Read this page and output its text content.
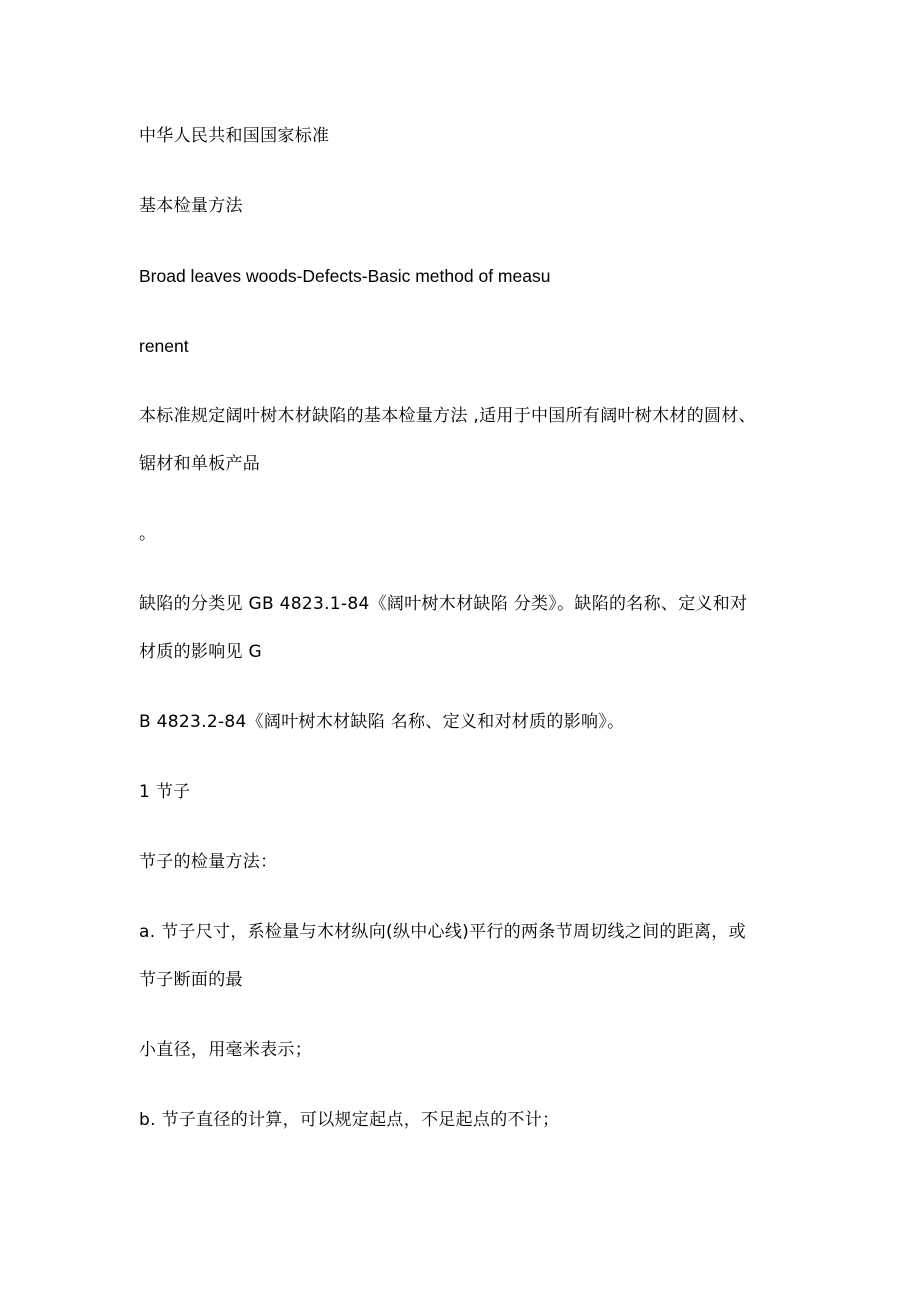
中华人民共和国国家标准
基本检量方法
Broad leaves woods-Defects-Basic method of measu
renent
本标准规定阔叶树木材缺陷的基本检量方法 ,适用于中国所有阔叶树木材的圆材、
锯材和单板产品
。
缺陷的分类见 GB 4823.1-84《阔叶树木材缺陷 分类》。缺陷的名称、定义和对
材质的影响见 G
B 4823.2-84《阔叶树木材缺陷 名称、定义和对材质的影响》。
1 节子
节子的检量方法：
a. 节子尺寸，系检量与木材纵向(纵中心线)平行的两条节周切线之间的距离，或
节子断面的最
小直径，用毫米表示；
b. 节子直径的计算，可以规定起点，不足起点的不计；
